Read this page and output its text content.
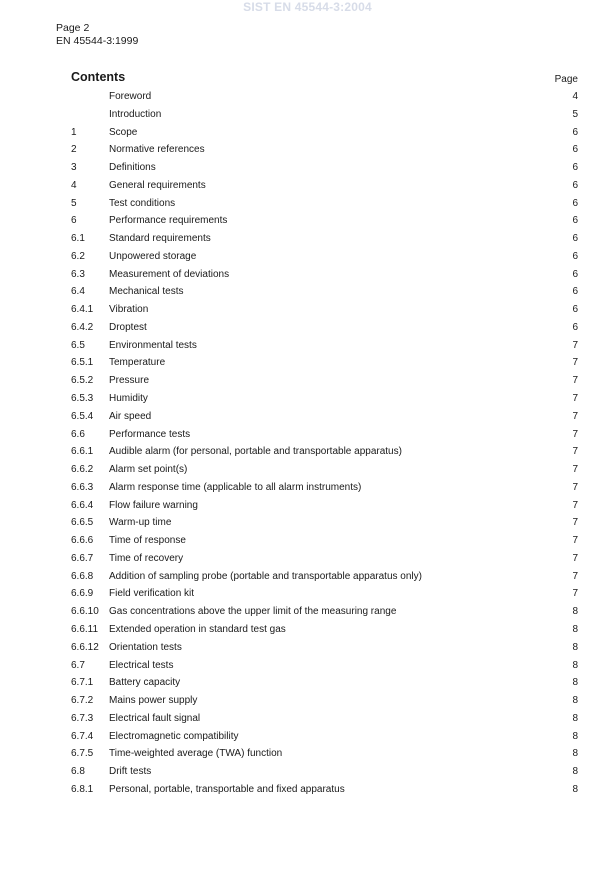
SIST EN 45544-3:2004
Page 2
EN 45544-3:1999
Contents	Page
Foreword	4
Introduction	5
1	Scope	6
2	Normative references	6
3	Definitions	6
4	General requirements	6
5	Test conditions	6
6	Performance requirements	6
6.1	Standard requirements	6
6.2	Unpowered storage	6
6.3	Measurement of deviations	6
6.4	Mechanical tests	6
6.4.1	Vibration	6
6.4.2	Droptest	6
6.5	Environmental tests	7
6.5.1	Temperature	7
6.5.2	Pressure	7
6.5.3	Humidity	7
6.5.4	Air speed	7
6.6	Performance tests	7
6.6.1	Audible alarm (for personal, portable and transportable apparatus)	7
6.6.2	Alarm set point(s)	7
6.6.3	Alarm response time (applicable to all alarm instruments)	7
6.6.4	Flow failure warning	7
6.6.5	Warm-up time	7
6.6.6	Time of response	7
6.6.7	Time of recovery	7
6.6.8	Addition of sampling probe (portable and transportable apparatus only)	7
6.6.9	Field verification kit	7
6.6.10	Gas concentrations above the upper limit of the measuring range	8
6.6.11	Extended operation in standard test gas	8
6.6.12	Orientation tests	8
6.7	Electrical tests	8
6.7.1	Battery capacity	8
6.7.2	Mains power supply	8
6.7.3	Electrical fault signal	8
6.7.4	Electromagnetic compatibility	8
6.7.5	Time-weighted average (TWA) function	8
6.8	Drift tests	8
6.8.1	Personal, portable, transportable and fixed apparatus	8
